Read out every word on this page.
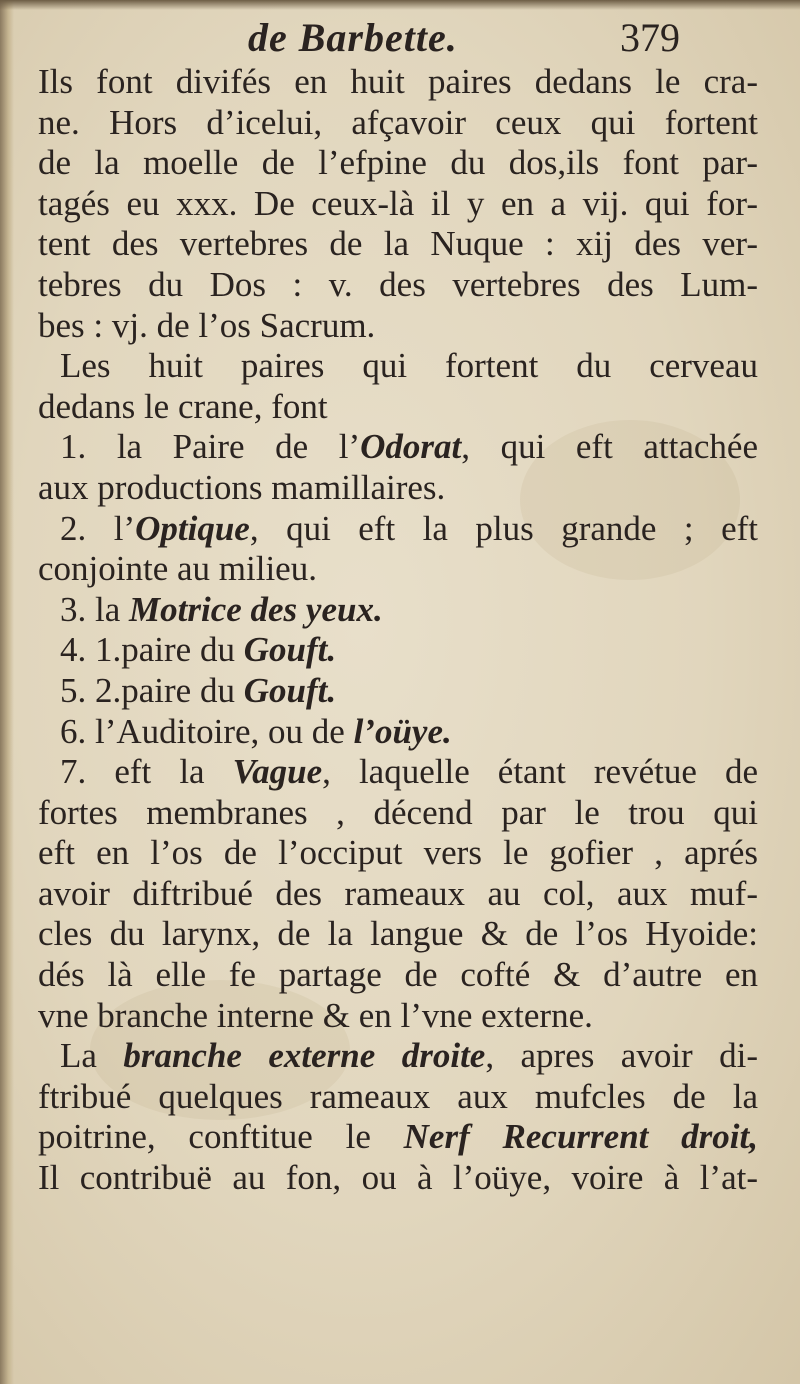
de Barbette.	379
Ils font divifés en huit paires dedans le cra-
ne. Hors d’icelui, afçavoir ceux qui fortent
de la moelle de l’efpine du dos,ils font par-
tagés eu xxx. De ceux-là il y en a vij. qui for-
tent des vertebres de la Nuque : xij des ver-
tebres du Dos : v. des vertebres des Lum-
bes : vj. de l’os Sacrum.
Les huit paires qui fortent du cerveau
dedans le crane, font
1. la Paire de l’Odorat, qui eft attachée
aux productions mamillaires.
2. l’Optique, qui eft la plus grande ; eft
conjointe au milieu.
3. la Motrice des yeux.
4. 1.paire du Gouft.
5. 2.paire du Gouft.
6. l’Auditoire, ou de l’oüye.
7. eft la Vague, laquelle étant revétue de
fortes membranes , décend par le trou qui
eft en l’os de l’occiput vers le gofier , aprés
avoir diftribué des rameaux au col, aux muf-
cles du larynx, de la langue & de l’os Hyoide:
dés là elle fe partage de cofté & d’autre en
vne branche interne & en l’vne externe.
La branche externe droite, apres avoir di-
ftribué quelques rameaux aux mufcles de la
poitrine, conftitue le Nerf Recurrent droit,
Il contribuë au fon, ou à l’oüye, voire à l’at-
